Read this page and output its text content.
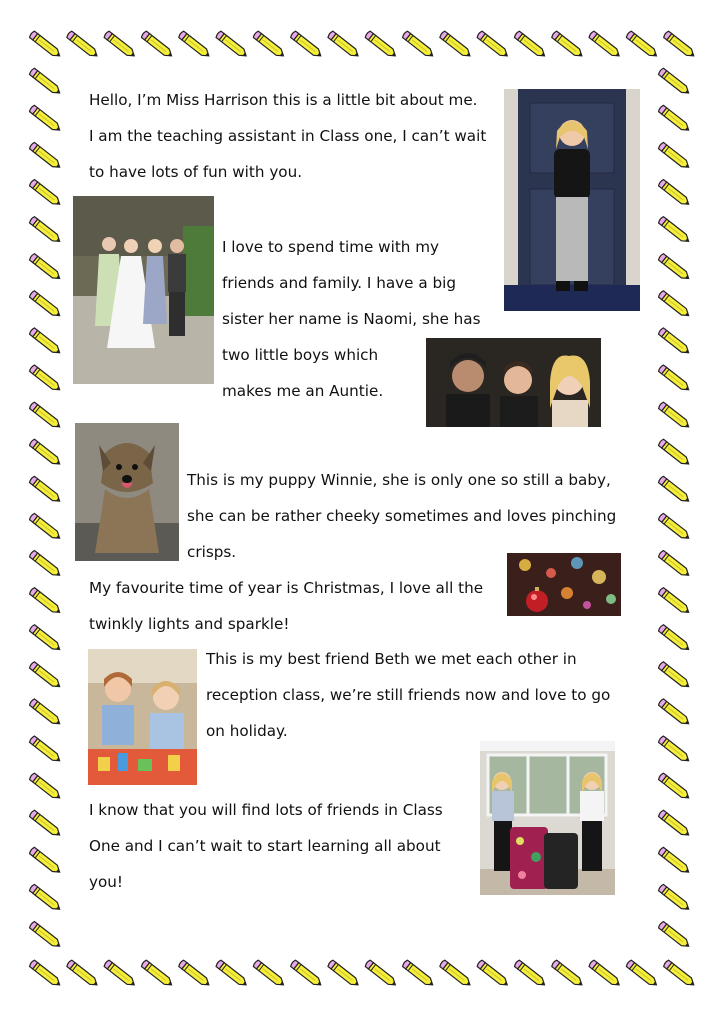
Hello, I’m Miss Harrison this is a little bit about me.
I am the teaching assistant in Class one, I can’t wait
to have lots of fun with you.
I love to spend time with my
friends and family. I have a big
sister her name is Naomi, she has
two little boys which
makes me an Auntie.
This is my puppy Winnie, she is only one so still a baby,
she can be rather cheeky sometimes and loves pinching
crisps.
My favourite time of year is Christmas, I love all the
twinkly lights and sparkle!
This is my best friend Beth we met each other in
reception class, we’re still friends now and love to go
on holiday.
I know that you will find lots of friends in Class
One and I can’t wait to start learning all about
you!
